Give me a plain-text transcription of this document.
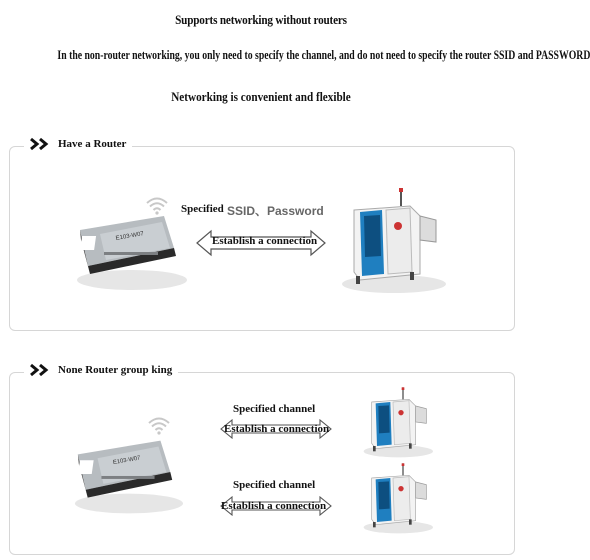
Supports networking without routers
In the non-router networking, you only need to specify the channel, and do not need to specify the router SSID and PASSWORD
Networking is convenient and flexible
Have a Router
E103-W07
Specified SSID、Password
Establish a connection
None Router group king
E103-W07
Specified channel
Establish a connection
Specified channel
Establish a connection
